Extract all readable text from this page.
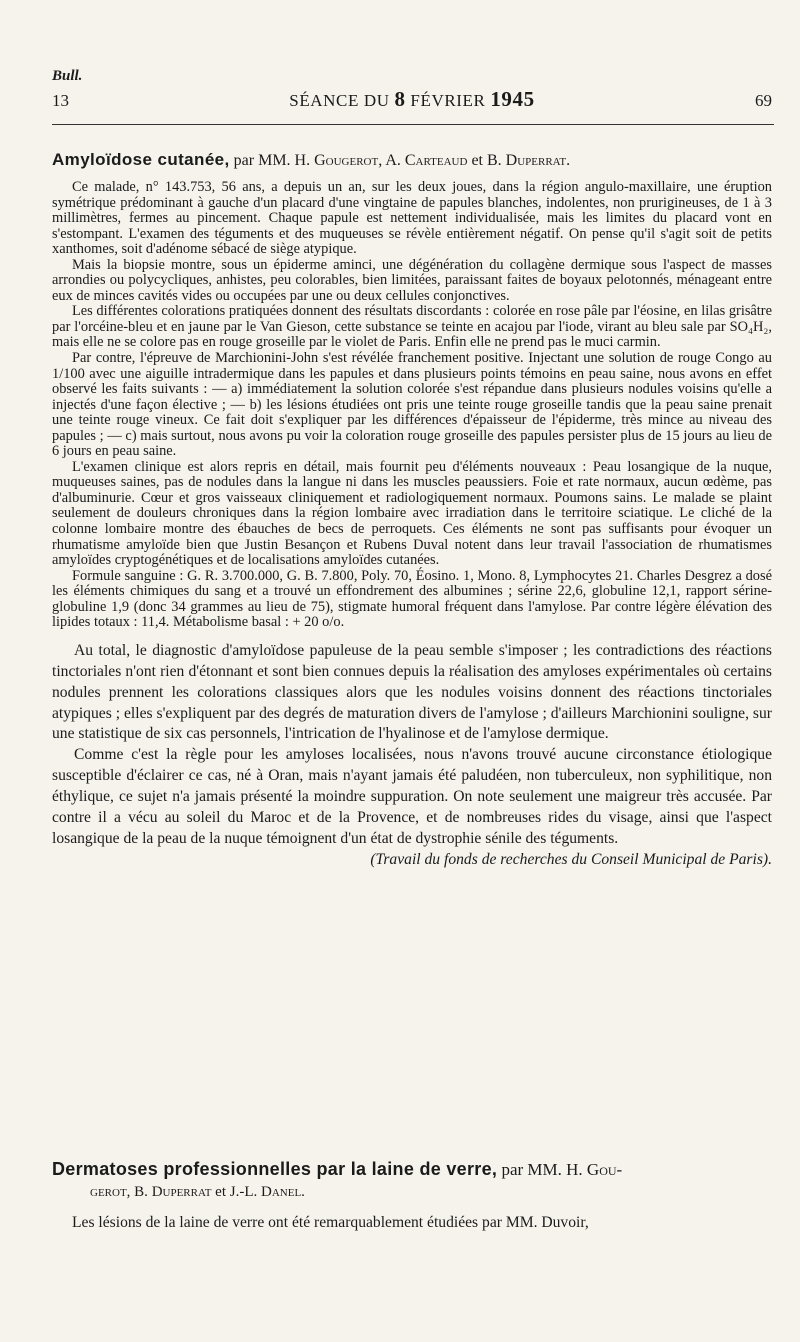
Bull.
13	SÉANCE DU 8 FÉVRIER 1945	69
Amyloïdose cutanée, par MM. H. Gougerot, A. Carteaud et B. Duperrat.

Ce malade, n° 143.753, 56 ans, a depuis un an, sur les deux joues, dans la région angulo-maxillaire, une éruption symétrique prédominant à gauche d'un placard d'une vingtaine de papules blanches, indolentes, non prurigineuses, de 1 à 3 millimètres, fermes au pincement. Chaque papule est nettement individualisée, mais les limites du placard vont en s'estompant. L'examen des téguments et des muqueuses se révèle entièrement négatif. On pense qu'il s'agit soit de petits xanthomes, soit d'adénome sébacé de siège atypique.

Mais la biopsie montre, sous un épiderme aminci, une dégénération du collagène dermique sous l'aspect de masses arrondies ou polycycliques, anhistes, peu colorables, bien limitées, paraissant faites de boyaux pelotonnés, ménageant entre eux de minces cavités vides ou occupées par une ou deux cellules conjonctives.

Les différentes colorations pratiquées donnent des résultats discordants : colorée en rose pâle par l'éosine, en lilas grisâtre par l'orcéine-bleu et en jaune par le Van Gieson, cette substance se teinte en acajou par l'iode, virant au bleu sale par SO₄H₂, mais elle ne se colore pas en rouge groseille par le violet de Paris. Enfin elle ne prend pas le muci carmin.

Par contre, l'épreuve de Marchionini-John s'est révélée franchement positive. Injectant une solution de rouge Congo au 1/100 avec une aiguille intradermique dans les papules et dans plusieurs points témoins en peau saine, nous avons en effet observé les faits suivants : — a) immédiatement la solution colorée s'est répandue dans plusieurs nodules voisins qu'elle a injectés d'une façon élective ; — b) les lésions étudiées ont pris une teinte rouge groseille tandis que la peau saine prenait une teinte rouge vineux. Ce fait doit s'expliquer par les différences d'épaisseur de l'épiderme, très mince au niveau des papules ; — c) mais surtout, nous avons pu voir la coloration rouge groseille des papules persister plus de 15 jours au lieu de 6 jours en peau saine.

L'examen clinique est alors repris en détail, mais fournit peu d'éléments nouveaux : Peau losangique de la nuque, muqueuses saines, pas de nodules dans la langue ni dans les muscles peaussiers. Foie et rate normaux, aucun œdème, pas d'albuminurie. Cœur et gros vaisseaux cliniquement et radiologiquement normaux. Poumons sains. Le malade se plaint seulement de douleurs chroniques dans la région lombaire avec irradiation dans le territoire sciatique. Le cliché de la colonne lombaire montre des ébauches de becs de perroquets. Ces éléments ne sont pas suffisants pour évoquer un rhumatisme amyloïde bien que Justin Besançon et Rubens Duval notent dans leur travail l'association de rhumatismes amyloïdes cryptogénétiques et de localisations amyloïdes cutanées.

Formule sanguine : G. R. 3.700.000, G. B. 7.800, Poly. 70, Éosino. 1, Mono. 8, Lymphocytes 21. Charles Desgrez a dosé les éléments chimiques du sang et a trouvé un effondrement des albumines ; sérine 22,6, globuline 12,1, rapport sérine-globuline 1,9 (donc 34 grammes au lieu de 75), stigmate humoral fréquent dans l'amylose. Par contre légère élévation des lipides totaux : 11,4. Métabolisme basal : + 20 o/o.

Au total, le diagnostic d'amyloïdose papuleuse de la peau semble s'imposer ; les contradictions des réactions tinctoriales n'ont rien d'étonnant et sont bien connues depuis la réalisation des amyloses expérimentales où certains nodules prennent les colorations classiques alors que les nodules voisins donnent des réactions tinctoriales atypiques ; elles s'expliquent par des degrés de maturation divers de l'amylose ; d'ailleurs Marchionini souligne, sur une statistique de six cas personnels, l'intrication de l'hyalinose et de l'amylose dermique.

Comme c'est la règle pour les amyloses localisées, nous n'avons trouvé aucune circonstance étiologique susceptible d'éclairer ce cas, né à Oran, mais n'ayant jamais été paludéen, non tuberculeux, non syphilitique, non éthylique, ce sujet n'a jamais présenté la moindre suppuration. On note seulement une maigreur très accusée. Par contre il a vécu au soleil du Maroc et de la Provence, et de nombreuses rides du visage, ainsi que l'aspect losangique de la peau de la nuque témoignent d'un état de dystrophie sénile des téguments.

(Travail du fonds de recherches du Conseil Municipal de Paris).

Dermatoses professionnelles par la laine de verre, par MM. H. Gou-
gerot, B. Duperrat et J.-L. Danel.

Les lésions de la laine de verre ont été remarquablement étudiées par MM. Duvoir,
